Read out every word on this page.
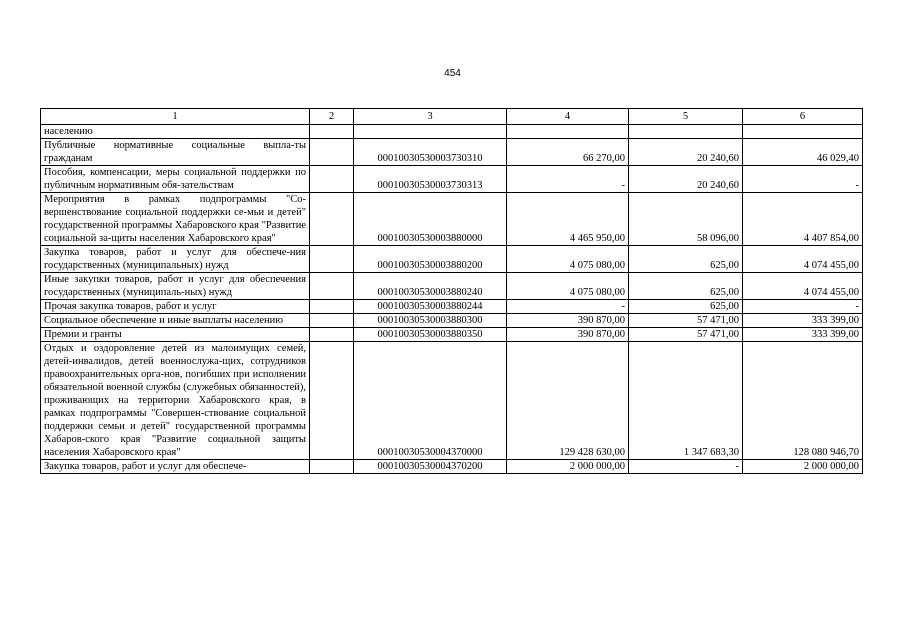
454
1	2	3	4	5	6
населению					
Публичные нормативные социальные выпла-ты гражданам		00010030530003730310	66 270,00	20 240,60	46 029,40
Пособия, компенсации, меры социальной поддержки по публичным нормативным обя-зательствам		00010030530003730313	-	20 240,60	-
Мероприятия в рамках подпрограммы "Со-вершенствование социальной поддержки се-мьи и детей" государственной программы Хабаровского края "Развитие социальной за-щиты населения Хабаровского края"		00010030530003880000	4 465 950,00	58 096,00	4 407 854,00
Закупка товаров, работ и услуг для обеспече-ния государственных (муниципальных) нужд		00010030530003880200	4 075 080,00	625,00	4 074 455,00
Иные закупки товаров, работ и услуг для обеспечения государственных (муниципаль-ных) нужд		00010030530003880240	4 075 080,00	625,00	4 074 455,00
Прочая закупка товаров, работ и услуг		00010030530003880244	-	625,00	-
Социальное обеспечение и иные выплаты населению		00010030530003880300	390 870,00	57 471,00	333 399,00
Премии и гранты		00010030530003880350	390 870,00	57 471,00	333 399,00
Отдых и оздоровление детей из малоимущих семей, детей-инвалидов, детей военнослужа-щих, сотрудников правоохранительных орга-нов, погибших при исполнении обязательной военной службы (служебных обязанностей), проживающих на территории Хабаровского края, в рамках подпрограммы "Совершен-ствование социальной поддержки семьи и детей" государственной программы Хабаров-ского края "Развитие социальной защиты населения Хабаровского края"		00010030530004370000	129 428 630,00	1 347 683,30	128 080 946,70
Закупка товаров, работ и услуг для обеспече-		00010030530004370200	2 000 000,00	-	2 000 000,00
